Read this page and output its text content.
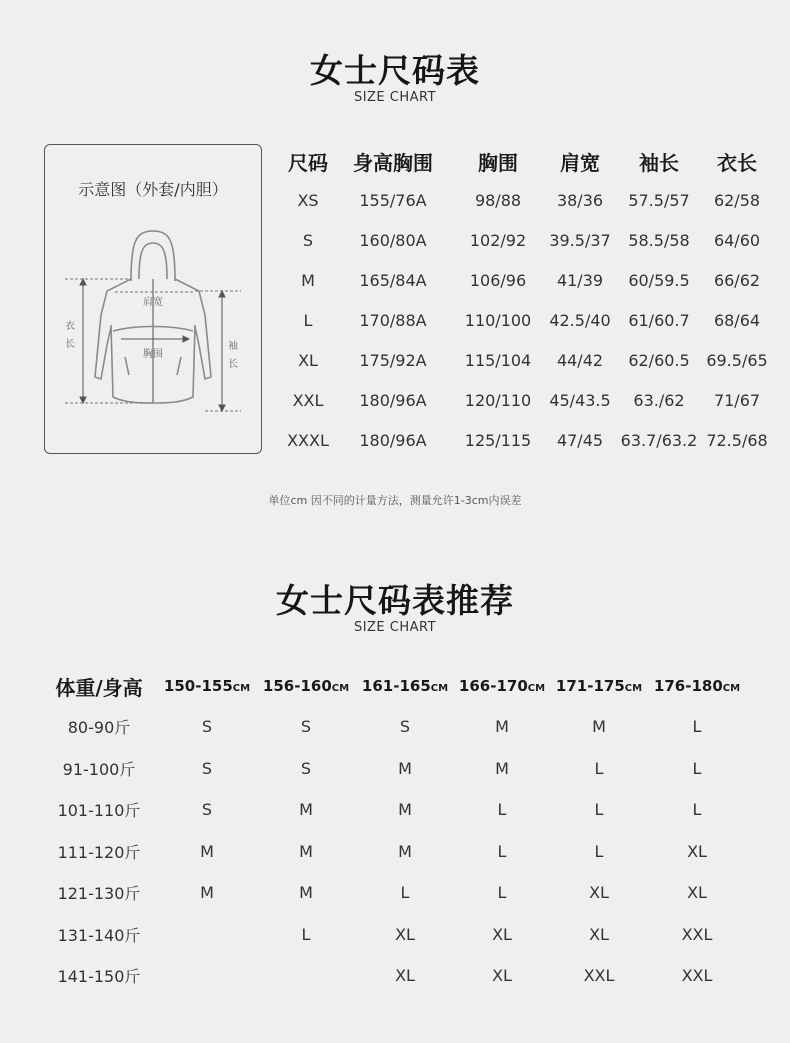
女士尺码表
SIZE CHART
示意图（外套/内胆）
衣
长
肩宽
胸围
袖
长
尺码	身高胸围	胸围	肩宽	袖长	衣长
XS	155/76A	98/88	38/36	57.5/57	62/58
S	160/80A	102/92	39.5/37	58.5/58	64/60
M	165/84A	106/96	41/39	60/59.5	66/62
L	170/88A	110/100	42.5/40	61/60.7	68/64
XL	175/92A	115/104	44/42	62/60.5	69.5/65
XXL	180/96A	120/110	45/43.5	63./62	71/67
XXXL	180/96A	125/115	47/45	63.7/63.2	72.5/68
单位cm 因不同的计量方法，测量允许1-3cm内误差
女士尺码表推荐
SIZE CHART
体重/身高	150-155CM	156-160CM	161-165CM	166-170CM	171-175CM	176-180CM
80-90斤	S	S	S	M	M	L
91-100斤	S	S	M	M	L	L
101-110斤	S	M	M	L	L	L
111-120斤	M	M	M	L	L	XL
121-130斤	M	M	L	L	XL	XL
131-140斤		L	XL	XL	XL	XXL
141-150斤			XL	XL	XXL	XXL
